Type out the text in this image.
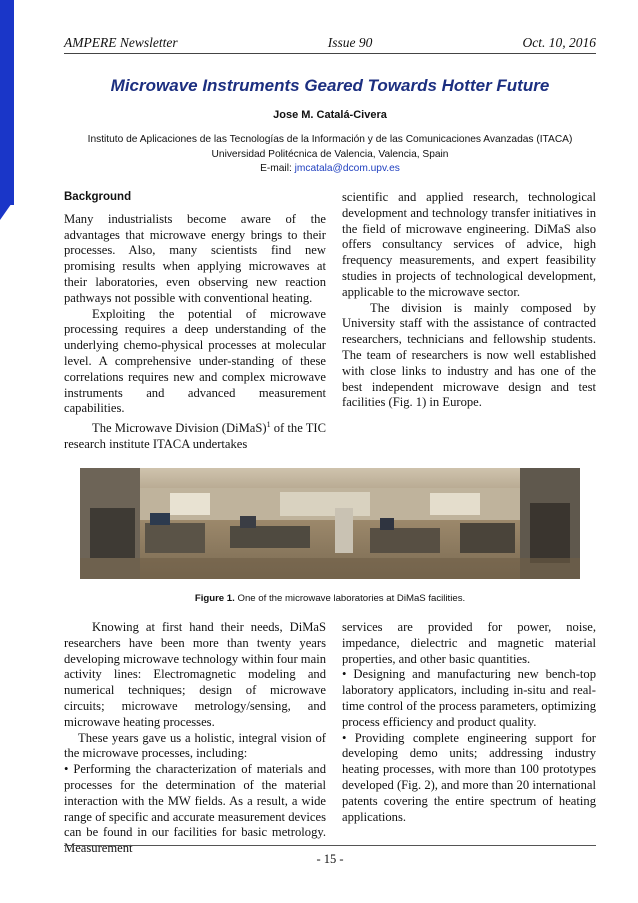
AMPERE Newsletter	Issue 90	Oct. 10, 2016
Microwave Instruments Geared Towards Hotter Future
Jose M. Catalá-Civera
Instituto de Aplicaciones de las Tecnologías de la Información y de las Comunicaciones Avanzadas (ITACA)
Universidad Politécnica de Valencia, Valencia, Spain
E-mail: jmcatala@dcom.upv.es

Background

Many industrialists become aware of the advantages that microwave energy brings to their processes. Also, many scientists find new promising results when applying microwaves at their laboratories, even observing new reaction pathways not possible with conventional heating.

Exploiting the potential of microwave processing requires a deep understanding of the underlying chemo-physical processes at molecular level. A comprehensive under-standing of these correlations requires new and complex microwave instruments and advanced measurement capabilities.

The Microwave Division (DiMaS)$^1$ of the TIC research institute ITACA undertakes

scientific and applied research, technological development and technology transfer initiatives in the field of microwave engineering. DiMaS also offers consultancy services of advice, high frequency measurements, and expert feasibility studies in projects of technological development, applicable to the microwave sector.

The division is mainly composed by University staff with the assistance of contracted researchers, technicians and fellowship students. The team of researchers is now well established with close links to industry and has one of the best independent microwave design and test facilities (Fig. 1) in Europe.

Figure 1. One of the microwave laboratories at DiMaS facilities.

Knowing at first hand their needs, DiMaS researchers have been more than twenty years developing microwave technology within four main activity lines: Electromagnetic modeling and numerical techniques; design of microwave circuits; microwave metrology/sensing, and microwave heating processes.

These years gave us a holistic, integral vision of the microwave processes, including:

• Performing the characterization of materials and processes for the determination of the material interaction with the MW fields. As a result, a wide range of specific and accurate measurement devices can be found in our facilities for basic metrology. Measurement

services are provided for power, noise, impedance, dielectric and magnetic material properties, and other basic quantities.

• Designing and manufacturing new bench-top laboratory applicators, including in-situ and real-time control of the process parameters, optimizing process efficiency and product quality.

• Providing complete engineering support for developing demo units; addressing industry heating processes, with more than 100 prototypes developed (Fig. 2), and more than 20 international patents covering the entire spectrum of heating applications.

- 15 -
